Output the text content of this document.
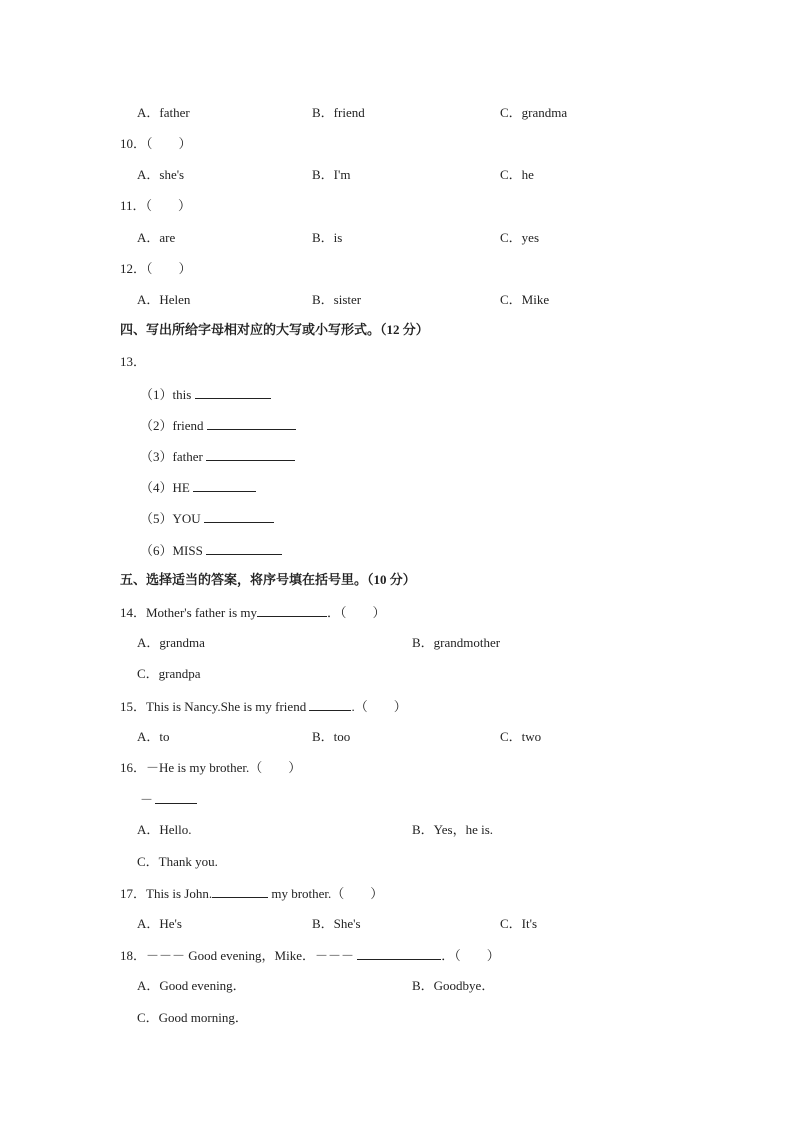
A．father	B．friend	C．grandma
10．（　　）
A．she's	B．I'm	C．he
11．（　　）
A．are	B．is	C．yes
12．（　　）
A．Helen	B．sister	C．Mike
四、写出所给字母相对应的大写或小写形式。（12 分）
13．
（1）this
（2）friend
（3）father
（4）HE
（5）YOU
（6）MISS
五、选择适当的答案，将序号填在括号里。（10 分）
14．Mother's father is my	．（　　）
A．grandma	B．grandmother
C．grandpa
15．This is Nancy.She is my friend	.（　　）
A．to	B．too	C．two
16．－He is my brother.（　　）
－
A．Hello.	B．Yes，he is.
C．Thank you.
17．This is John.	my brother.（　　）
A．He's	B．She's	C．It's
18．－－－ Good evening，Mike．－－－	．（　　）
A．Good evening．	B．Goodbye．
C．Good morning．
